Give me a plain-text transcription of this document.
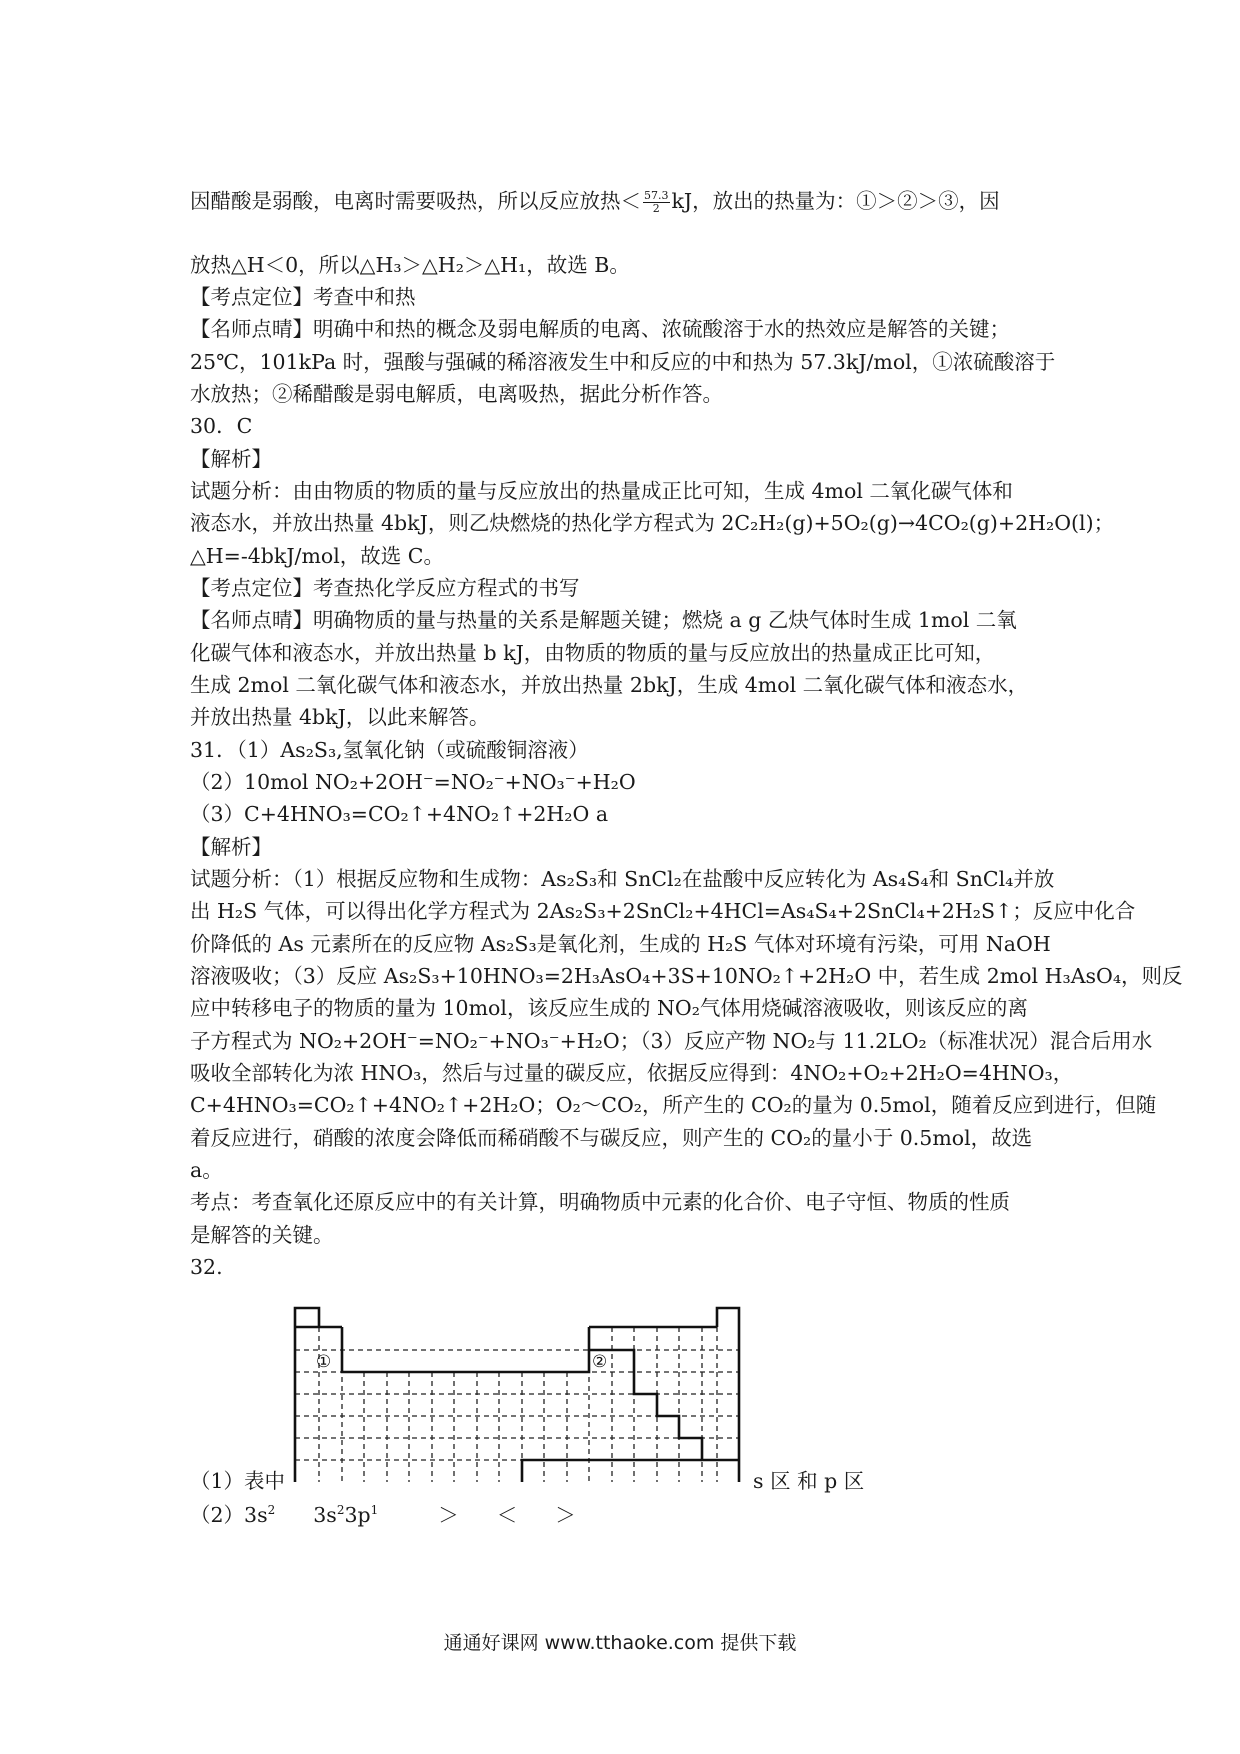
因醋酸是弱酸，电离时需要吸热，所以反应放热＜ $\frac{57.3}{2}$ kJ，放出的热量为：①＞②＞③，因
放热△H＜0，所以△H₃＞△H₂＞△H₁，故选 B。
【考点定位】考查中和热
【名师点晴】明确中和热的概念及弱电解质的电离、浓硫酸溶于水的热效应是解答的关键；
25℃，101kPa 时，强酸与强碱的稀溶液发生中和反应的中和热为 57.3kJ/mol，①浓硫酸溶于
水放热；②稀醋酸是弱电解质，电离吸热，据此分析作答。
30．C
【解析】
试题分析：由由物质的物质的量与反应放出的热量成正比可知，生成 4mol 二氧化碳气体和
液态水，并放出热量 4bkJ，则乙炔燃烧的热化学方程式为 2C₂H₂(g)+5O₂(g)→4CO₂(g)+2H₂O(l)；
△H=-4bkJ/mol，故选 C。
【考点定位】考查热化学反应方程式的书写
【名师点晴】明确物质的量与热量的关系是解题关键；燃烧 a g 乙炔气体时生成 1mol 二氧
化碳气体和液态水，并放出热量 b kJ，由物质的物质的量与反应放出的热量成正比可知，
生成 2mol 二氧化碳气体和液态水，并放出热量 2bkJ，生成 4mol 二氧化碳气体和液态水，
并放出热量 4bkJ，以此来解答。
31．（1）As₂S₃,氢氧化钠（或硫酸铜溶液）
（2）10mol NO₂+2OH⁻=NO₂⁻+NO₃⁻+H₂O
（3）C+4HNO₃=CO₂↑+4NO₂↑+2H₂O a
【解析】
试题分析：（1）根据反应物和生成物：As₂S₃和 SnCl₂在盐酸中反应转化为 As₄S₄和 SnCl₄并放
出 H₂S 气体，可以得出化学方程式为 2As₂S₃+2SnCl₂+4HCl=As₄S₄+2SnCl₄+2H₂S↑；反应中化合
价降低的 As 元素所在的反应物 As₂S₃是氧化剂，生成的 H₂S 气体对环境有污染，可用 NaOH
溶液吸收；（3）反应 As₂S₃+10HNO₃=2H₃AsO₄+3S+10NO₂↑+2H₂O 中，若生成 2mol H₃AsO₄，则反
应中转移电子的物质的量为 10mol，该反应生成的 NO₂气体用烧碱溶液吸收，则该反应的离
子方程式为 NO₂+2OH⁻=NO₂⁻+NO₃⁻+H₂O；（3）反应产物 NO₂与 11.2LO₂（标准状况）混合后用水
吸收全部转化为浓 HNO₃，然后与过量的碳反应，依据反应得到：4NO₂+O₂+2H₂O=4HNO₃，
C+4HNO₃=CO₂↑+4NO₂↑+2H₂O；O₂～CO₂，所产生的 CO₂的量为 0.5mol，随着反应到进行，但随
着反应进行，硝酸的浓度会降低而稀硝酸不与碳反应，则产生的 CO₂的量小于 0.5mol，故选
a。
考点：考查氧化还原反应中的有关计算，明确物质中元素的化合价、电子守恒、物质的性质
是解答的关键。
32.
①	②
（1）表中	s 区 和 p 区
$(2)3s^2$ $3s^23p^1$	＞ ＜ ＞
通通好课网 www.tthaoke.com 提供下载
